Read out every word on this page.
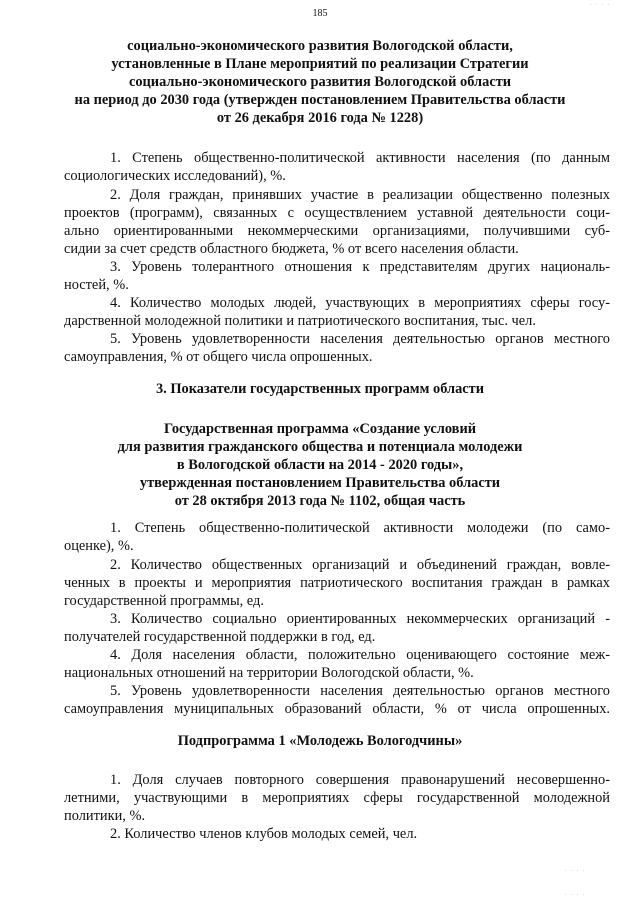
185
социально-экономического развития Вологодской области,
установленные в Плане мероприятий по реализации Стратегии
социально-экономического развития Вологодской области
на период до 2030 года (утвержден постановлением Правительства области
от 26 декабря 2016 года № 1228)
1. Степень общественно-политической активности населения (по данным
социологических исследований), %.
2. Доля граждан, принявших участие в реализации общественно полезных
проектов (программ), связанных с осуществлением уставной деятельности соци-
ально ориентированными некоммерческими организациями, получившими суб-
сидии за счет средств областного бюджета, % от всего населения области.
3. Уровень толерантного отношения к представителям других националь-
ностей, %.
4. Количество молодых людей, участвующих в мероприятиях сферы госу-
дарственной молодежной политики и патриотического воспитания, тыс. чел.
5. Уровень удовлетворенности населения деятельностью органов местного
самоуправления, % от общего числа опрошенных.
3. Показатели государственных программ области
Государственная программа «Создание условий
для развития гражданского общества и потенциала молодежи
в Вологодской области на 2014 - 2020 годы»,
утвержденная постановлением Правительства области
от 28 октября 2013 года № 1102, общая часть
1. Степень общественно-политической активности молодежи (по само-
оценке), %.
2. Количество общественных организаций и объединений граждан, вовле-
ченных в проекты и мероприятия патриотического воспитания граждан в рамках
государственной программы, ед.
3. Количество социально ориентированных некоммерческих организаций -
получателей государственной поддержки в год, ед.
4. Доля населения области, положительно оценивающего состояние меж-
национальных отношений на территории Вологодской области, %.
5. Уровень удовлетворенности населения деятельностью органов местного
самоуправления муниципальных образований области, % от числа опрошенных.
Подпрограмма 1 «Молодежь Вологодчины»
1. Доля случаев повторного совершения правонарушений несовершенно-
летними, участвующими в мероприятиях сферы государственной молодежной
политики, %.
2. Количество членов клубов молодых семей, чел.
· · · ·
· · · ·
· · · ·
